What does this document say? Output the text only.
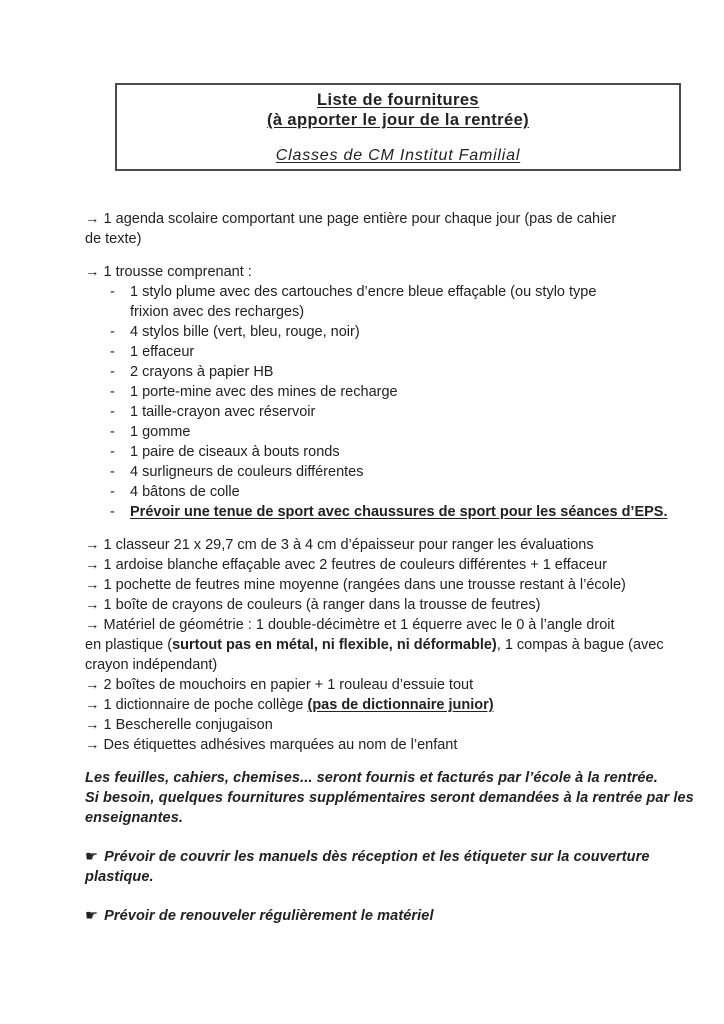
Liste de fournitures
(à apporter le jour de la rentrée)
Classes de CM Institut Familial
→ 1 agenda scolaire comportant une page entière pour chaque jour (pas de cahier
de texte)
→ 1 trousse comprenant :
-	1 stylo plume avec des cartouches d’encre bleue effaçable (ou stylo type
frixion avec des recharges)
-	4 stylos bille (vert, bleu, rouge, noir)
-	1 effaceur
-	2 crayons à papier HB
-	1 porte-mine avec des mines de recharge
-	1 taille-crayon avec réservoir
-	1 gomme
-	1 paire de ciseaux à bouts ronds
-	4 surligneurs de couleurs différentes
-	4 bâtons de colle
-	Prévoir une tenue de sport avec chaussures de sport pour les séances d’EPS.
→ 1 classeur 21 x 29,7 cm de 3 à 4 cm d’épaisseur pour ranger les évaluations
→ 1 ardoise blanche effaçable avec 2 feutres de couleurs différentes + 1 effaceur
→ 1 pochette de feutres mine moyenne (rangées dans une trousse restant à l’école)
→ 1 boîte de crayons de couleurs (à ranger dans la trousse de feutres)
→ Matériel de géométrie : 1 double-décimètre et 1 équerre avec le 0 à l’angle droit
en plastique (surtout pas en métal, ni flexible, ni déformable), 1 compas à bague (avec
crayon indépendant)
→ 2 boîtes de mouchoirs en papier + 1 rouleau d’essuie tout
→ 1 dictionnaire de poche collège (pas de dictionnaire junior)
→ 1 Bescherelle conjugaison
→ Des étiquettes adhésives marquées au nom de l’enfant
Les feuilles, cahiers, chemises... seront fournis et facturés par l’école à la rentrée.
Si besoin, quelques fournitures supplémentaires seront demandées à la rentrée par les
enseignantes.
☛ Prévoir de couvrir les manuels dès réception et les étiqueter sur la couverture
plastique.
☛ Prévoir de renouveler régulièrement le matériel
